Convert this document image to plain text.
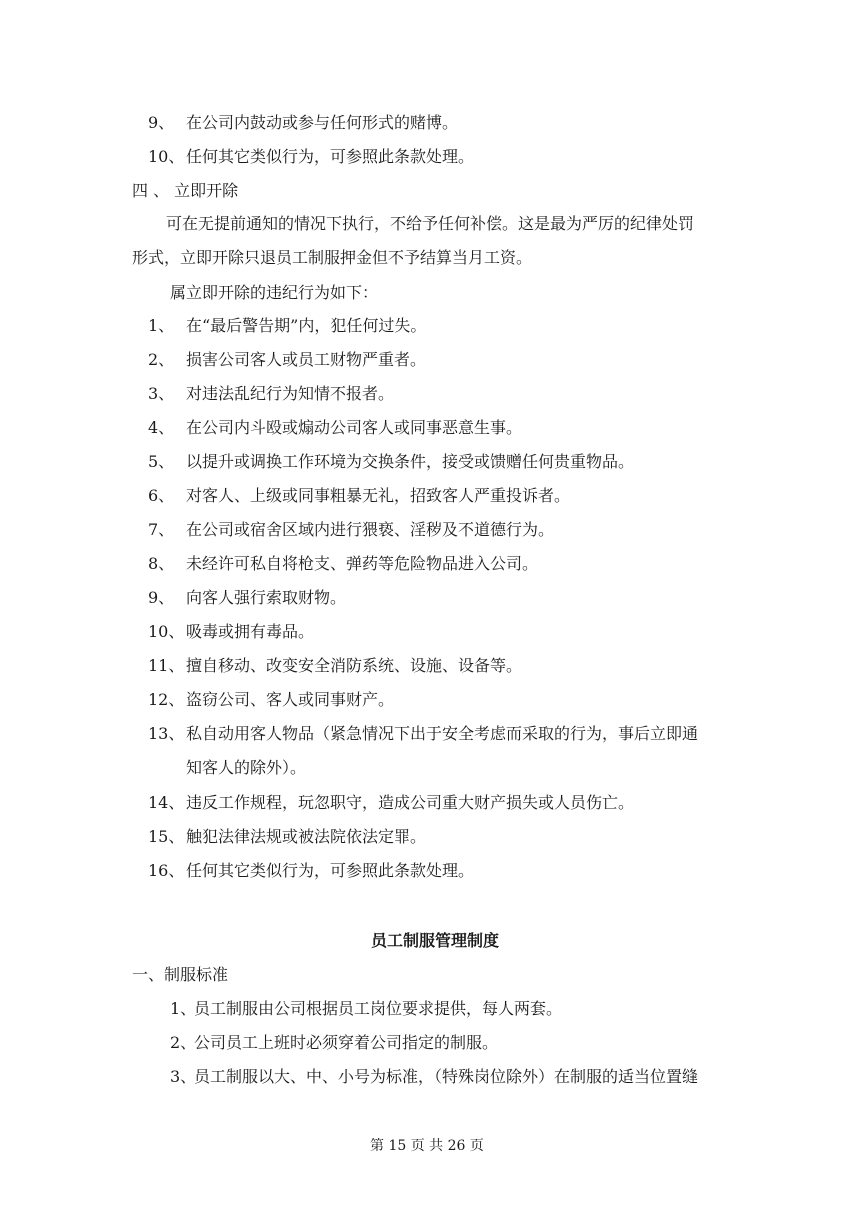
9、 在公司内鼓动或参与任何形式的赌博。
10、 任何其它类似行为，可参照此条款处理。
四 、 立即开除
可在无提前通知的情况下执行，不给予任何补偿。这是最为严厉的纪律处罚
形式，立即开除只退员工制服押金但不予结算当月工资。
属立即开除的违纪行为如下：
1、 在“最后警告期”内，犯任何过失。
2、 损害公司客人或员工财物严重者。
3、 对违法乱纪行为知情不报者。
4、 在公司内斗殴或煽动公司客人或同事恶意生事。
5、 以提升或调换工作环境为交换条件，接受或馈赠任何贵重物品。
6、 对客人、上级或同事粗暴无礼，招致客人严重投诉者。
7、 在公司或宿舍区域内进行猥亵、淫秽及不道德行为。
8、 未经许可私自将枪支、弹药等危险物品进入公司。
9、 向客人强行索取财物。
10、 吸毒或拥有毒品。
11、 擅自移动、改变安全消防系统、设施、设备等。
12、 盗窃公司、客人或同事财产。
13、 私自动用客人物品（紧急情况下出于安全考虑而采取的行为，事后立即通
知客人的除外）。
14、 违反工作规程，玩忽职守，造成公司重大财产损失或人员伤亡。
15、 触犯法律法规或被法院依法定罪。
16、 任何其它类似行为，可参照此条款处理。
员工制服管理制度
一、制服标准
1、
员工制服由公司根据员工岗位要求提供，每人两套。
2、
公司员工上班时必须穿着公司指定的制服。
3、
员工制服以大、中、小号为标准，（特殊岗位除外）在制服的适当位置缝
第 15 页 共 26 页
